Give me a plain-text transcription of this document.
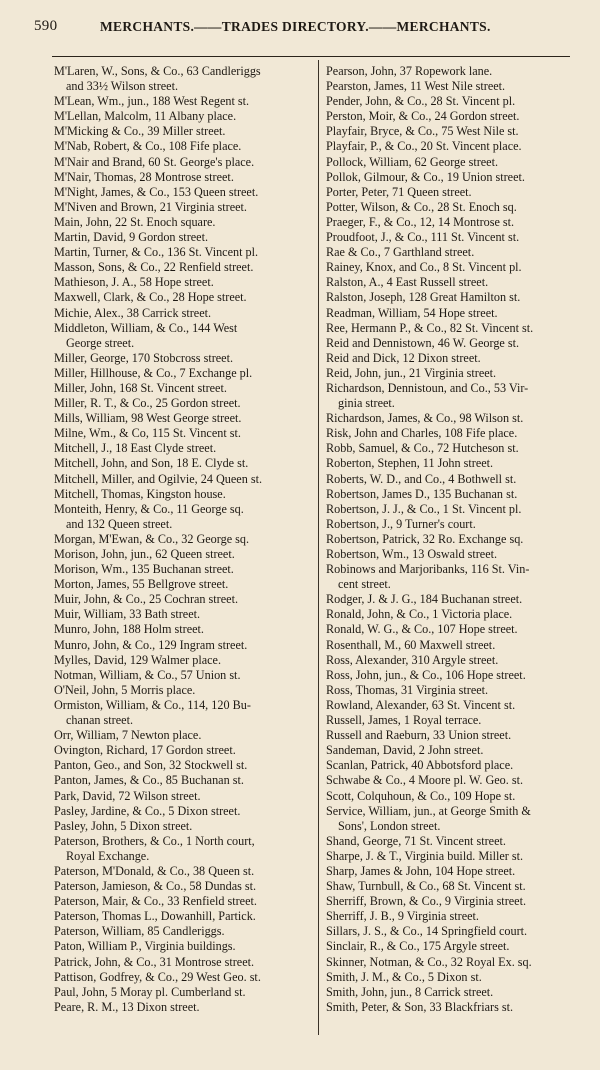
590	MERCHANTS.——TRADES DIRECTORY.——MERCHANTS.
M'Laren, W., Sons, & Co., 63 Candleriggs
and 33½ Wilson street.
M'Lean, Wm., jun., 188 West Regent st.
M'Lellan, Malcolm, 11 Albany place.
M'Micking & Co., 39 Miller street.
M'Nab, Robert, & Co., 108 Fife place.
M'Nair and Brand, 60 St. George's place.
M'Nair, Thomas, 28 Montrose street.
M'Night, James, & Co., 153 Queen street.
M'Niven and Brown, 21 Virginia street.
Main, John, 22 St. Enoch square.
Martin, David, 9 Gordon street.
Martin, Turner, & Co., 136 St. Vincent pl.
Masson, Sons, & Co., 22 Renfield street.
Mathieson, J. A., 58 Hope street.
Maxwell, Clark, & Co., 28 Hope street.
Michie, Alex., 38 Carrick street.
Middleton, William, & Co., 144 West
George street.
Miller, George, 170 Stobcross street.
Miller, Hillhouse, & Co., 7 Exchange pl.
Miller, John, 168 St. Vincent street.
Miller, R. T., & Co., 25 Gordon street.
Mills, William, 98 West George street.
Milne, Wm., & Co, 115 St. Vincent st.
Mitchell, J., 18 East Clyde street.
Mitchell, John, and Son, 18 E. Clyde st.
Mitchell, Miller, and Ogilvie, 24 Queen st.
Mitchell, Thomas, Kingston house.
Monteith, Henry, & Co., 11 George sq.
and 132 Queen street.
Morgan, M'Ewan, & Co., 32 George sq.
Morison, John, jun., 62 Queen street.
Morison, Wm., 135 Buchanan street.
Morton, James, 55 Bellgrove street.
Muir, John, & Co., 25 Cochran street.
Muir, William, 33 Bath street.
Munro, John, 188 Holm street.
Munro, John, & Co., 129 Ingram street.
Mylles, David, 129 Walmer place.
Notman, William, & Co., 57 Union st.
O'Neil, John, 5 Morris place.
Ormiston, William, & Co., 114, 120 Bu-
chanan street.
Orr, William, 7 Newton place.
Ovington, Richard, 17 Gordon street.
Panton, Geo., and Son, 32 Stockwell st.
Panton, James, & Co., 85 Buchanan st.
Park, David, 72 Wilson street.
Pasley, Jardine, & Co., 5 Dixon street.
Pasley, John, 5 Dixon street.
Paterson, Brothers, & Co., 1 North court,
Royal Exchange.
Paterson, M'Donald, & Co., 38 Queen st.
Paterson, Jamieson, & Co., 58 Dundas st.
Paterson, Mair, & Co., 33 Renfield street.
Paterson, Thomas L., Dowanhill, Partick.
Paterson, William, 85 Candleriggs.
Paton, William P., Virginia buildings.
Patrick, John, & Co., 31 Montrose street.
Pattison, Godfrey, & Co., 29 West Geo. st.
Paul, John, 5 Moray pl. Cumberland st.
Peare, R. M., 13 Dixon street.
Pearson, John, 37 Ropework lane.
Pearston, James, 11 West Nile street.
Pender, John, & Co., 28 St. Vincent pl.
Perston, Moir, & Co., 24 Gordon street.
Playfair, Bryce, & Co., 75 West Nile st.
Playfair, P., & Co., 20 St. Vincent place.
Pollock, William, 62 George street.
Pollok, Gilmour, & Co., 19 Union street.
Porter, Peter, 71 Queen street.
Potter, Wilson, & Co., 28 St. Enoch sq.
Praeger, F., & Co., 12, 14 Montrose st.
Proudfoot, J., & Co., 111 St. Vincent st.
Rae & Co., 7 Garthland street.
Rainey, Knox, and Co., 8 St. Vincent pl.
Ralston, A., 4 East Russell street.
Ralston, Joseph, 128 Great Hamilton st.
Readman, William, 54 Hope street.
Ree, Hermann P., & Co., 82 St. Vincent st.
Reid and Dennistown, 46 W. George st.
Reid and Dick, 12 Dixon street.
Reid, John, jun., 21 Virginia street.
Richardson, Dennistoun, and Co., 53 Vir-
ginia street.
Richardson, James, & Co., 98 Wilson st.
Risk, John and Charles, 108 Fife place.
Robb, Samuel, & Co., 72 Hutcheson st.
Roberton, Stephen, 11 John street.
Roberts, W. D., and Co., 4 Bothwell st.
Robertson, James D., 135 Buchanan st.
Robertson, J. J., & Co., 1 St. Vincent pl.
Robertson, J., 9 Turner's court.
Robertson, Patrick, 32 Ro. Exchange sq.
Robertson, Wm., 13 Oswald street.
Robinows and Marjoribanks, 116 St. Vin-
cent street.
Rodger, J. & J. G., 184 Buchanan street.
Ronald, John, & Co., 1 Victoria place.
Ronald, W. G., & Co., 107 Hope street.
Rosenthall, M., 60 Maxwell street.
Ross, Alexander, 310 Argyle street.
Ross, John, jun., & Co., 106 Hope street.
Ross, Thomas, 31 Virginia street.
Rowland, Alexander, 63 St. Vincent st.
Russell, James, 1 Royal terrace.
Russell and Raeburn, 33 Union street.
Sandeman, David, 2 John street.
Scanlan, Patrick, 40 Abbotsford place.
Schwabe & Co., 4 Moore pl. W. Geo. st.
Scott, Colquhoun, & Co., 109 Hope st.
Service, William, jun., at George Smith &
Sons', London street.
Shand, George, 71 St. Vincent street.
Sharpe, J. & T., Virginia build. Miller st.
Sharp, James & John, 104 Hope street.
Shaw, Turnbull, & Co., 68 St. Vincent st.
Sherriff, Brown, & Co., 9 Virginia street.
Sherriff, J. B., 9 Virginia street.
Sillars, J. S., & Co., 14 Springfield court.
Sinclair, R., & Co., 175 Argyle street.
Skinner, Notman, & Co., 32 Royal Ex. sq.
Smith, J. M., & Co., 5 Dixon st.
Smith, John, jun., 8 Carrick street.
Smith, Peter, & Son, 33 Blackfriars st.
